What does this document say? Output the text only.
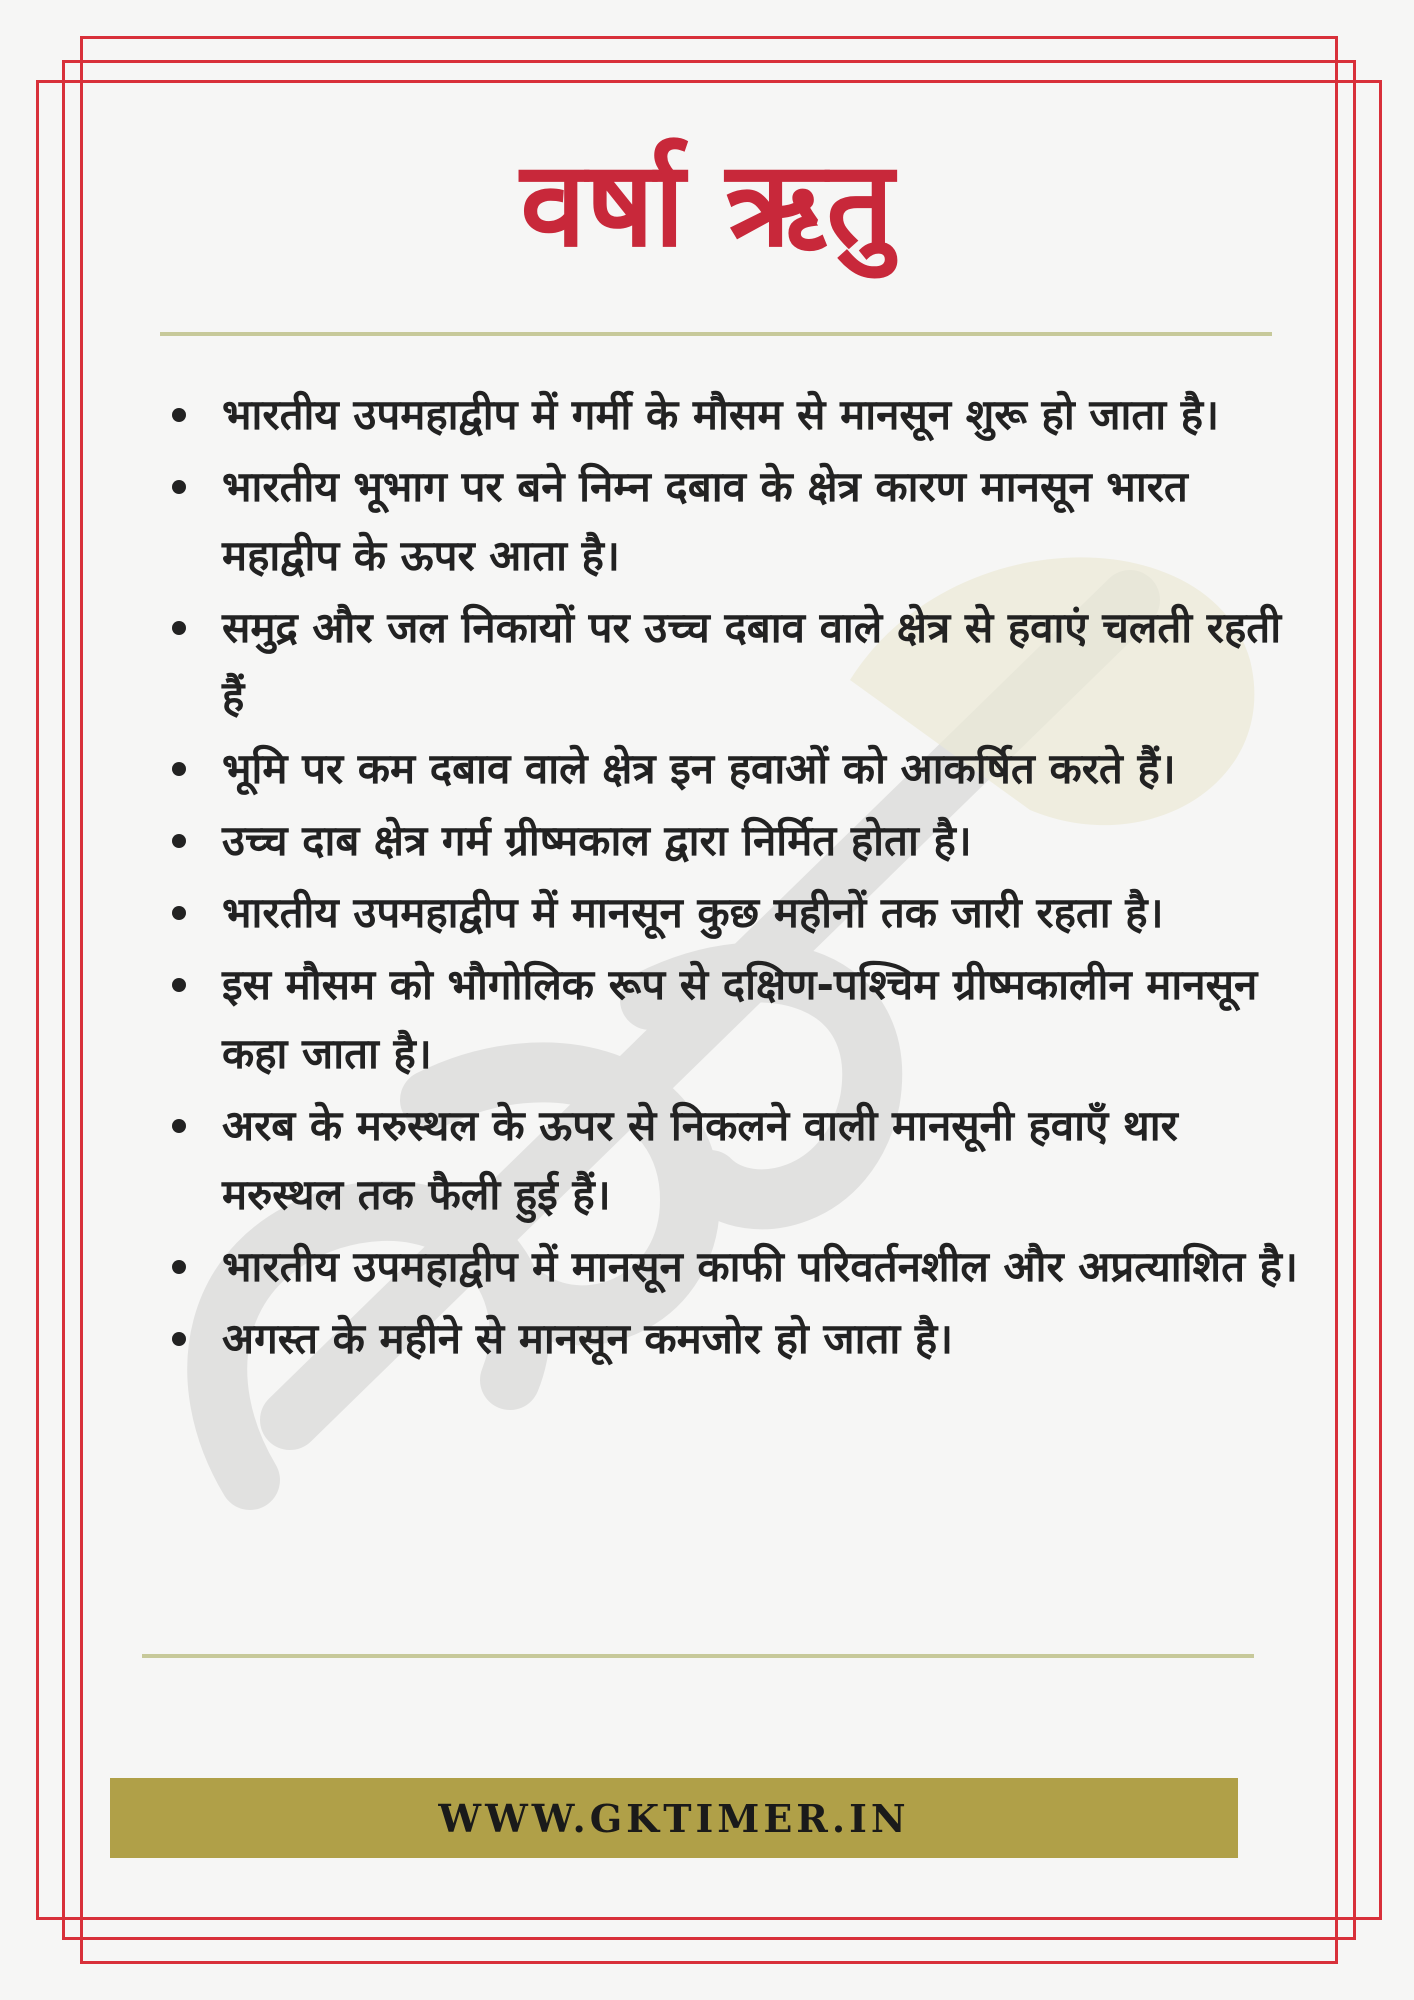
वर्षा ऋतु
भारतीय उपमहाद्वीप में गर्मी के मौसम से मानसून शुरू हो जाता है।
भारतीय भूभाग पर बने निम्न दबाव के क्षेत्र कारण मानसून भारत महाद्वीप के ऊपर आता है।
समुद्र और जल निकायों पर उच्च दबाव वाले क्षेत्र से हवाएं चलती रहती हैं
भूमि पर कम दबाव वाले क्षेत्र इन हवाओं को आकर्षित करते हैं।
उच्च दाब क्षेत्र गर्म ग्रीष्मकाल द्वारा निर्मित होता है।
भारतीय उपमहाद्वीप में मानसून कुछ महीनों तक जारी रहता है।
इस मौसम को भौगोलिक रूप से दक्षिण-पश्चिम ग्रीष्मकालीन मानसून कहा जाता है।
अरब के मरुस्थल के ऊपर से निकलने वाली मानसूनी हवाएँ थार मरुस्थल तक फैली हुई हैं।
भारतीय उपमहाद्वीप में मानसून काफी परिवर्तनशील और अप्रत्याशित है।
अगस्त के महीने से मानसून कमजोर हो जाता है।
WWW.GKTIMER.IN
